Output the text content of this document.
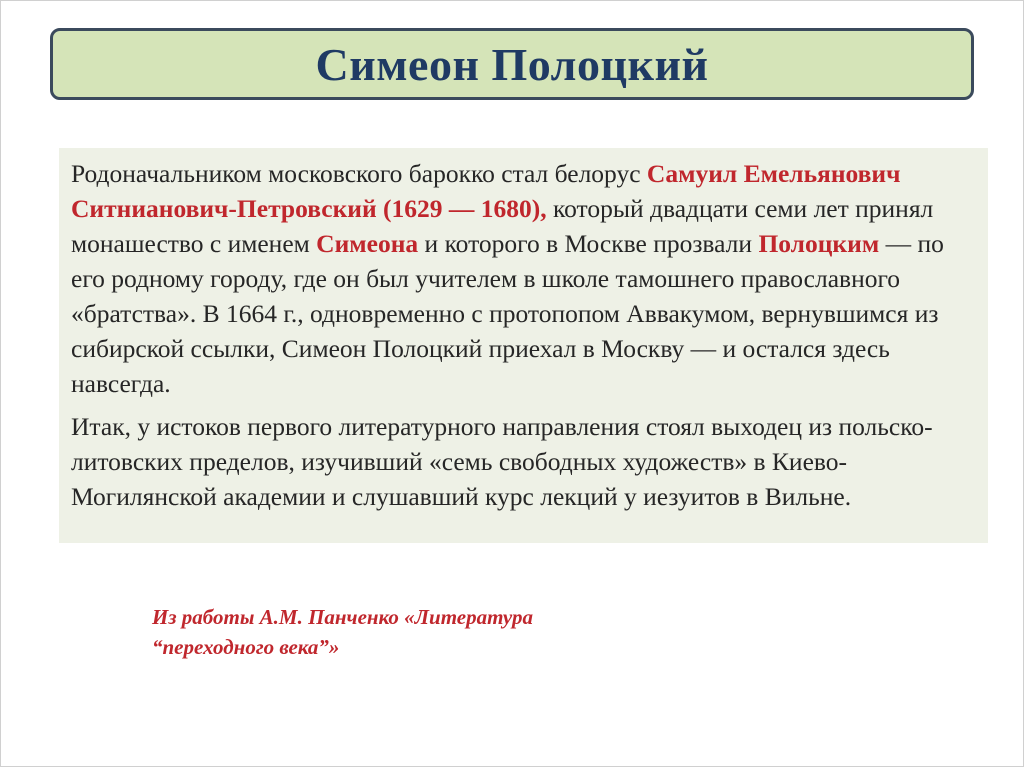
Симеон Полоцкий

Родоначальником московского барокко стал белорус Самуил Емельянович Ситнианович-Петровский (1629 — 1680), который двадцати семи лет принял монашество с именем Симеона и которого в Москве прозвали Полоцким — по его родному городу, где он был учителем в школе тамошнего православного «братства». В 1664 г., одновременно с протопопом Аввакумом, вернувшимся из сибирской ссылки, Симеон Полоцкий приехал в Москву — и остался здесь навсегда.

Итак, у истоков первого литературного направления стоял выходец из польско-литовских пределов, изучивший «семь свободных художеств» в Киево-Могилянской академии и слушавший курс лекций у иезуитов в Вильне.

Из работы А.М. Панченко «Литература
“переходного века”»
